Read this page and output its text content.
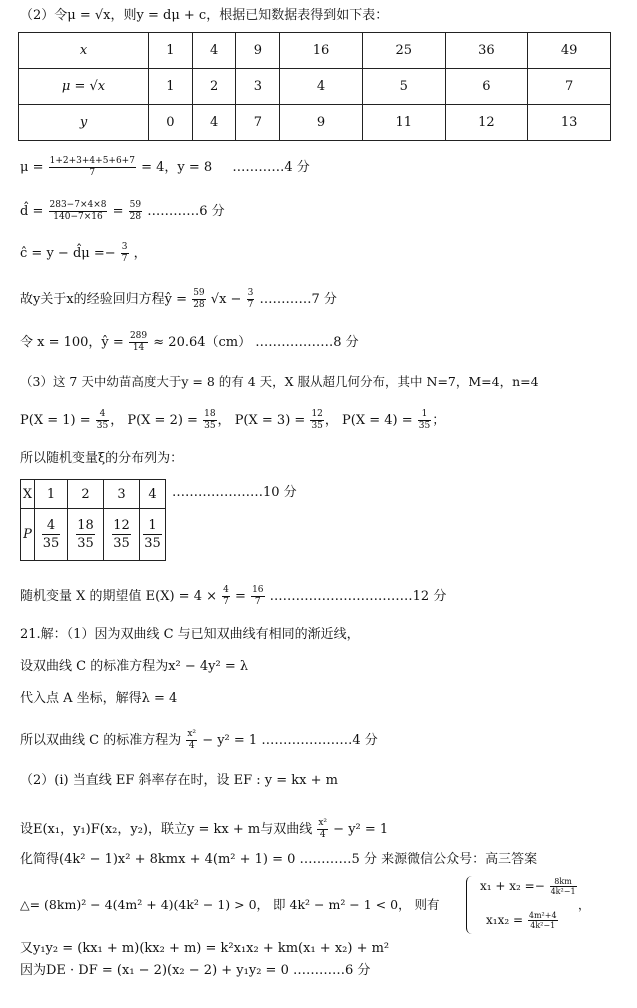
（2）令μ = √x，则y = dμ + c，根据已知数据表得到如下表：
x	1	4	9	16	25	36	49
μ = √x	1	2	3	4	5	6	7
y	0	4	7	9	11	12	13
$\mu = \frac{1+2+3+4+5+6+7}{7} = 4$，y = 8 …………4 分
d̂ = $\frac{283-7\times 4\times 8}{140-7\times 16} = \frac{59}{28}$ …………6 分
ĉ = y − d̂μ =− $\frac{3}{7}$ ，
故y关于x的经验回归方程ŷ = $\frac{59}{28} √x - \frac{3}{7}$ …………7 分
令 x = 100，ŷ = $\frac{289}{14} \approx 20.64(cm)$ ………………8 分
（3）这 7 天中幼苗高度大于y = 8 的有 4 天，X 服从超几何分布，其中 N=7，M=4，n=4
$P(X = 1) = \frac{4}{35}$ ， $P(X = 2) = \frac{18}{35}$ ， $P(X = 3) = \frac{12}{35}$ ， $P(X = 4) = \frac{1}{35}$ ；
所以随机变量ξ的分布列为：
X	1	2	3	4
P	$\frac{4}{35}$	$\frac{18}{35}$	$\frac{12}{35}$	$\frac{1}{35}$
…………………10 分
随机变量 X 的期望值 $E(X) = 4 \times \frac{4}{7} = \frac{16}{7}$ ……………………………12 分
21.解：（1）因为双曲线 C 与已知双曲线有相同的渐近线，
设双曲线 C 的标准方程为x² − 4y² = λ
代入点 A 坐标，解得λ = 4
所以双曲线 C 的标准方程为 $\frac{\text{x²}}{4} - y^2 = 1$ …………………4 分
（2）(i) 当直线 EF 斜率存在时，设 EF : y = kx + m
设E(x₁，y₁)F(x₂，y₂)，联立y = kx + m与双曲线 $\frac{\text{x²}}{4} - y^2 = 1$
化简得(4k² − 1)x² + 8kmx + 4(m² + 1) = 0 …………5 分 来源微信公众号：高三答案
△= (8km)² − 4(4m² + 4)(4k² − 1) > 0， 即 4k² − m² − 1 < 0， 则有
$x_1 + x_2 =- \frac{8km}{\text{4k²−1}}$
，
$x_1x_2 = \frac{\text{4m²+4}}{\text{4k²−1}}$
又y₁y₂ = (kx₁ + m)(kx₂ + m) = k²x₁x₂ + km(x₁ + x₂) + m²
因为DE · DF = (x₁ − 2)(x₂ − 2) + y₁y₂ = 0 …………6 分
